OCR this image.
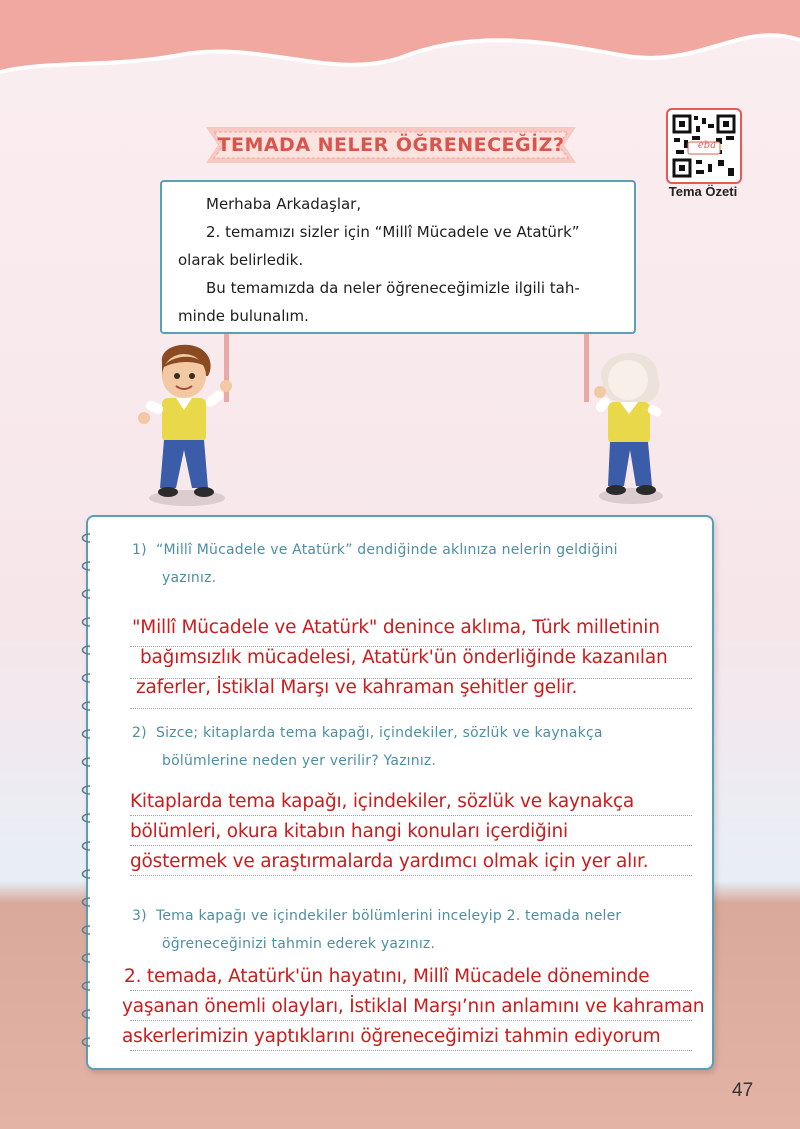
TEMADA NELER ÖĞRENECEĞİZ?	eba
Tema Özeti

Merhaba Arkadaşlar,

2. temamızı sizler için “Millî Mücadele ve Atatürk”

olarak belirledik.

Bu temamızda da neler öğreneceğimizle ilgili tah-

minde bulunalım.

1) “Millî Mücadele ve Atatürk” dendiğinde aklınıza nelerin geldiğini
yazınız.
"Millî Mücadele ve Atatürk" denince aklıma, Türk milletinin
bağımsızlık mücadelesi, Atatürk'ün önderliğinde kazanılan
zaferler, İstiklal Marşı ve kahraman şehitler gelir.
2) Sizce; kitaplarda tema kapağı, içindekiler, sözlük ve kaynakça
bölümlerine neden yer verilir? Yazınız.
Kitaplarda tema kapağı, içindekiler, sözlük ve kaynakça
bölümleri, okura kitabın hangi konuları içerdiğini
göstermek ve araştırmalarda yardımcı olmak için yer alır.
3) Tema kapağı ve içindekiler bölümlerini inceleyip 2. temada neler
öğreneceğinizi tahmin ederek yazınız.
2. temada, Atatürk'ün hayatını, Millî Mücadele döneminde
yaşanan önemli olayları, İstiklal Marşı’nın anlamını ve kahraman
askerlerimizin yaptıklarını öğreneceğimizi tahmin ediyorum
47
